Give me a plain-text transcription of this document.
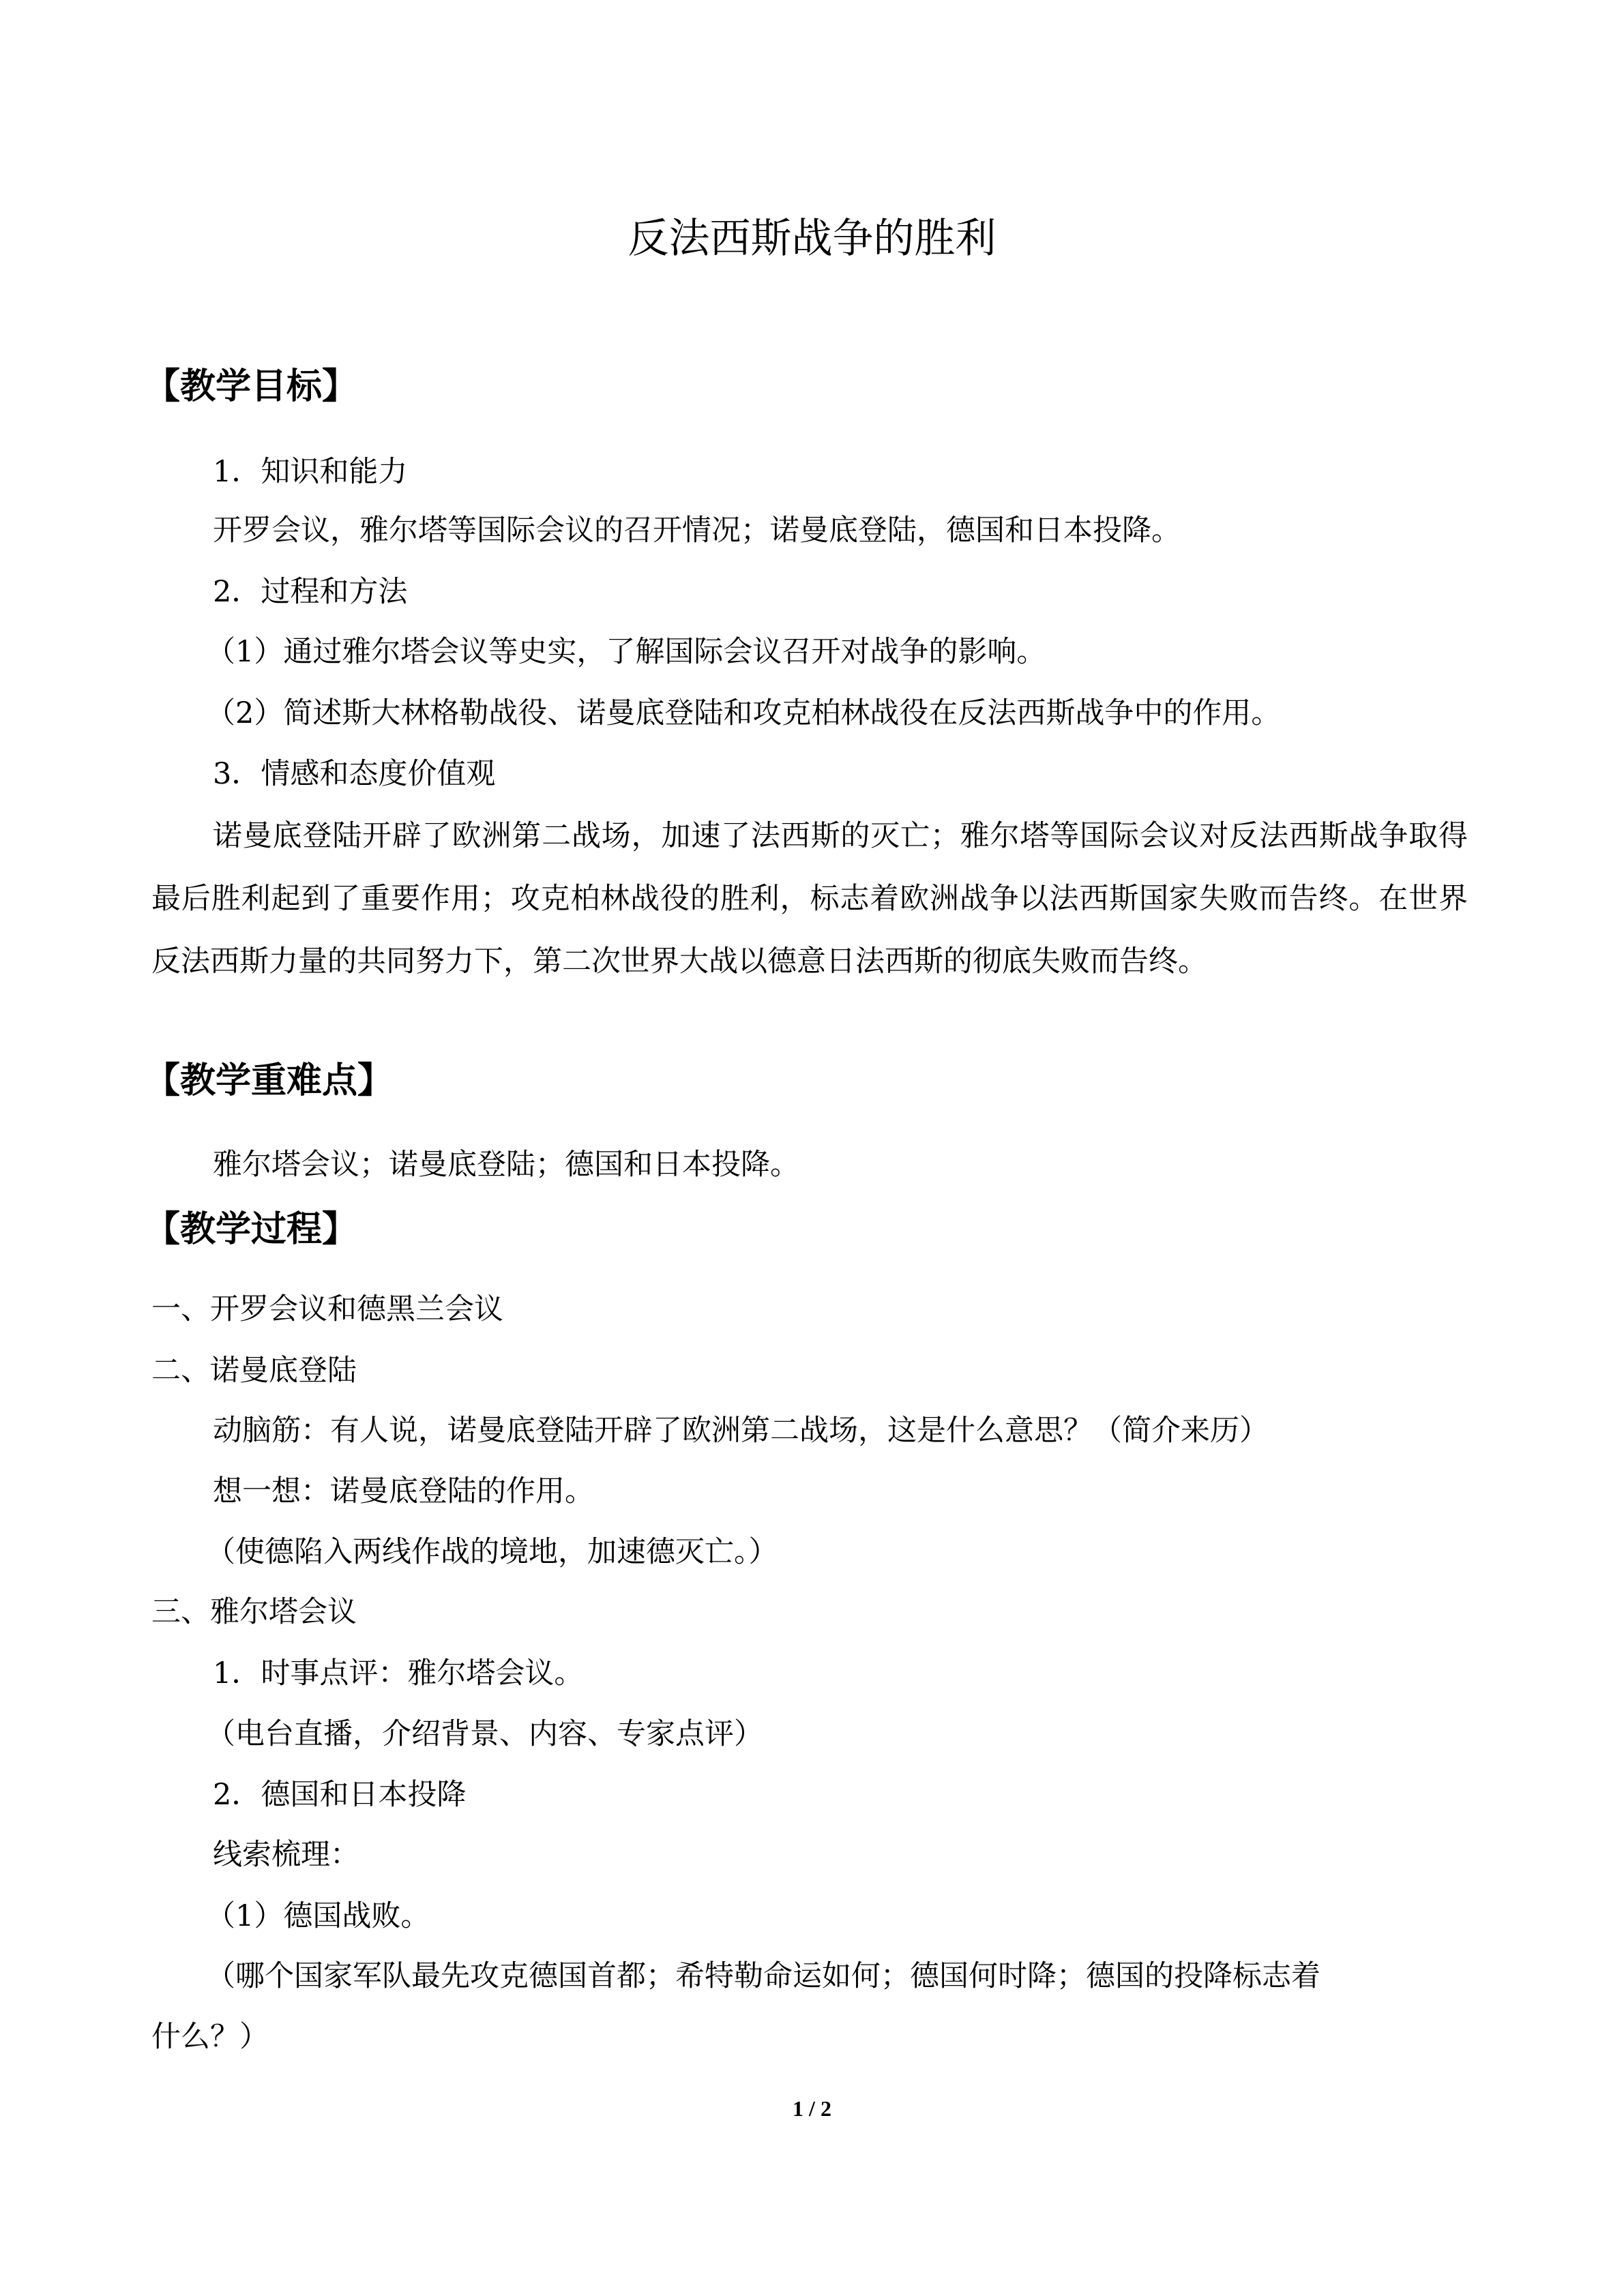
反法西斯战争的胜利
【教学目标】
1．知识和能力
开罗会议，雅尔塔等国际会议的召开情况；诺曼底登陆，德国和日本投降。
2．过程和方法
（1）通过雅尔塔会议等史实，了解国际会议召开对战争的影响。
（2）简述斯大林格勒战役、诺曼底登陆和攻克柏林战役在反法西斯战争中的作用。
3．情感和态度价值观
诺曼底登陆开辟了欧洲第二战场，加速了法西斯的灭亡；雅尔塔等国际会议对反法西斯战争取得最后胜利起到了重要作用；攻克柏林战役的胜利，标志着欧洲战争以法西斯国家失败而告终。在世界反法西斯力量的共同努力下，第二次世界大战以德意日法西斯的彻底失败而告终。
【教学重难点】
雅尔塔会议；诺曼底登陆；德国和日本投降。
【教学过程】
一、开罗会议和德黑兰会议
二、诺曼底登陆
动脑筋：有人说，诺曼底登陆开辟了欧洲第二战场，这是什么意思？（简介来历）
想一想：诺曼底登陆的作用。
（使德陷入两线作战的境地，加速德灭亡。）
三、雅尔塔会议
1．时事点评：雅尔塔会议。
（电台直播，介绍背景、内容、专家点评）
2．德国和日本投降
线索梳理：
（1）德国战败。
（哪个国家军队最先攻克德国首都；希特勒命运如何；德国何时降；德国的投降标志着
什么？）
1 / 2
